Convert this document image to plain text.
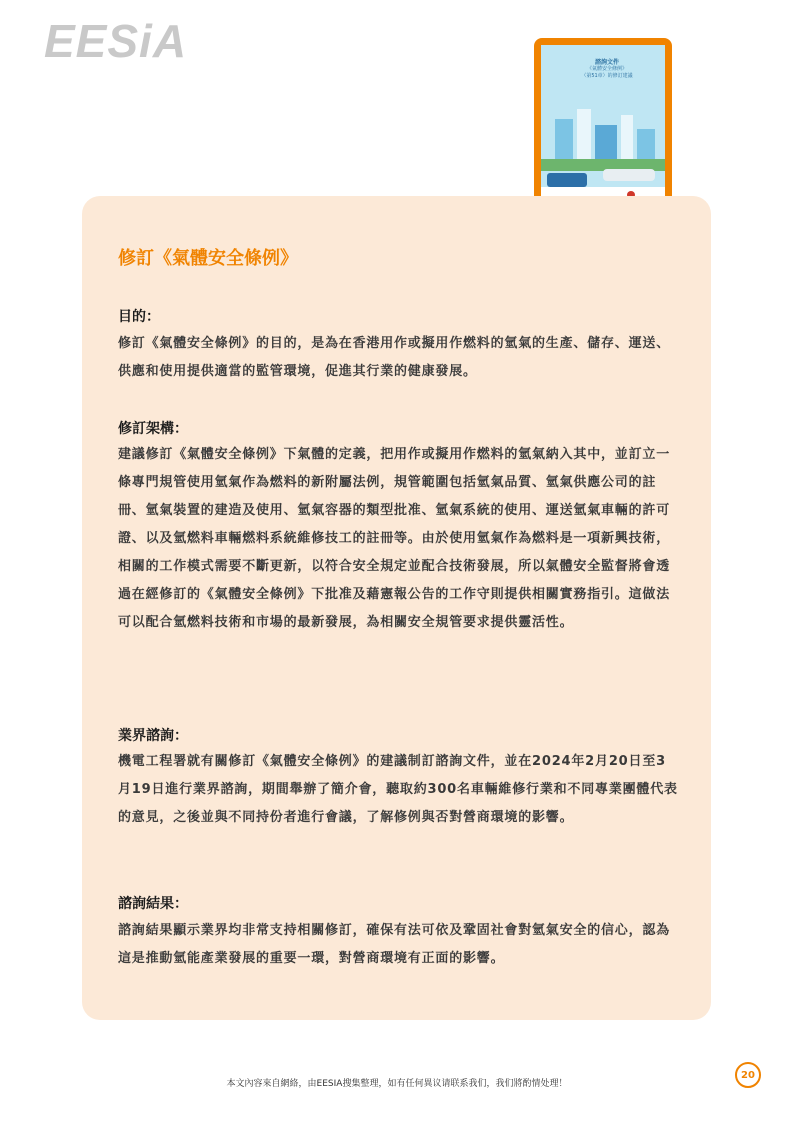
EESiA	諮詢文件
《氣體安全條例》
（第51章）的修訂建議
修訂《氣體安全條例》
目的：

修訂《氣體安全條例》的目的，是為在香港用作或擬用作燃料的氫氣的生產、儲存、運送、供應和使用提供適當的監管環境，促進其行業的健康發展。

修訂架構：

建議修訂《氣體安全條例》下氣體的定義，把用作或擬用作燃料的氫氣納入其中，並訂立一條專門規管使用氫氣作為燃料的新附屬法例，規管範圍包括氫氣品質、氫氣供應公司的註冊、氫氣裝置的建造及使用、氫氣容器的類型批准、氫氣系統的使用、運送氫氣車輛的許可證、以及氫燃料車輛燃料系統維修技工的註冊等。由於使用氫氣作為燃料是一項新興技術，相關的工作模式需要不斷更新，以符合安全規定並配合技術發展，所以氣體安全監督將會透過在經修訂的《氣體安全條例》下批准及藉憲報公告的工作守則提供相關實務指引。這做法可以配合氫燃料技術和市場的最新發展，為相關安全規管要求提供靈活性。

業界諮詢：

機電工程署就有關修訂《氣體安全條例》的建議制訂諮詢文件，並在2024年2月20日至3月19日進行業界諮詢，期間舉辦了簡介會，聽取約300名車輛維修行業和不同專業團體代表的意見，之後並與不同持份者進行會議，了解修例與否對營商環境的影響。

諮詢結果：

諮詢結果顯示業界均非常支持相關修訂，確保有法可依及鞏固社會對氫氣安全的信心，認為這是推動氫能產業發展的重要一環，對營商環境有正面的影響。

本文內容來自網絡，由EESIA搜集整理，如有任何異议请联系我们，我们將酌情处理！
20
